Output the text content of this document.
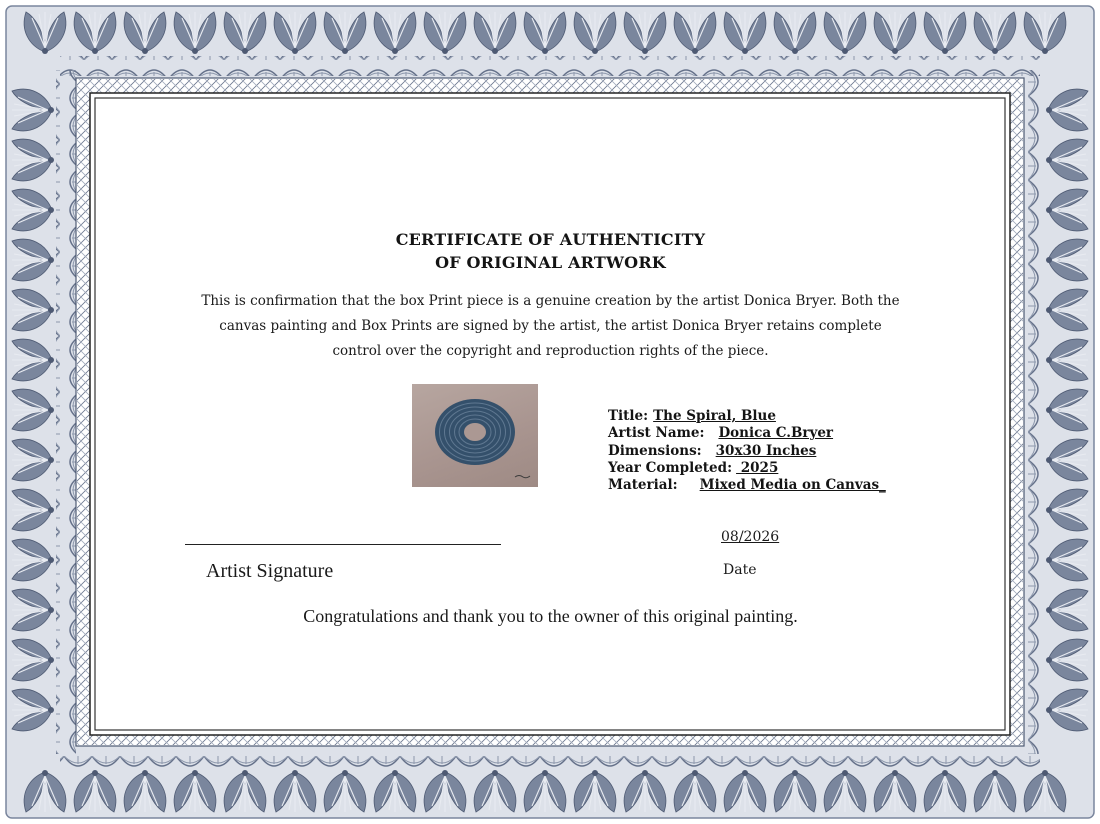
CERTIFICATE OF AUTHENTICITY
OF ORIGINAL ARTWORK
This is confirmation that the box Print piece is a genuine creation by the artist Donica Bryer. Both the
canvas painting and Box Prints are signed by the artist, the artist Donica Bryer retains complete
control over the copyright and reproduction rights of the piece.
Title: The Spiral, Blue
Artist Name: Donica C.Bryer
Dimensions: 30x30 Inches
Year Completed: 2025
Material: Mixed Media on Canvas_
Artist Signature
08/2026
Date
Congratulations and thank you to the owner of this original painting.
